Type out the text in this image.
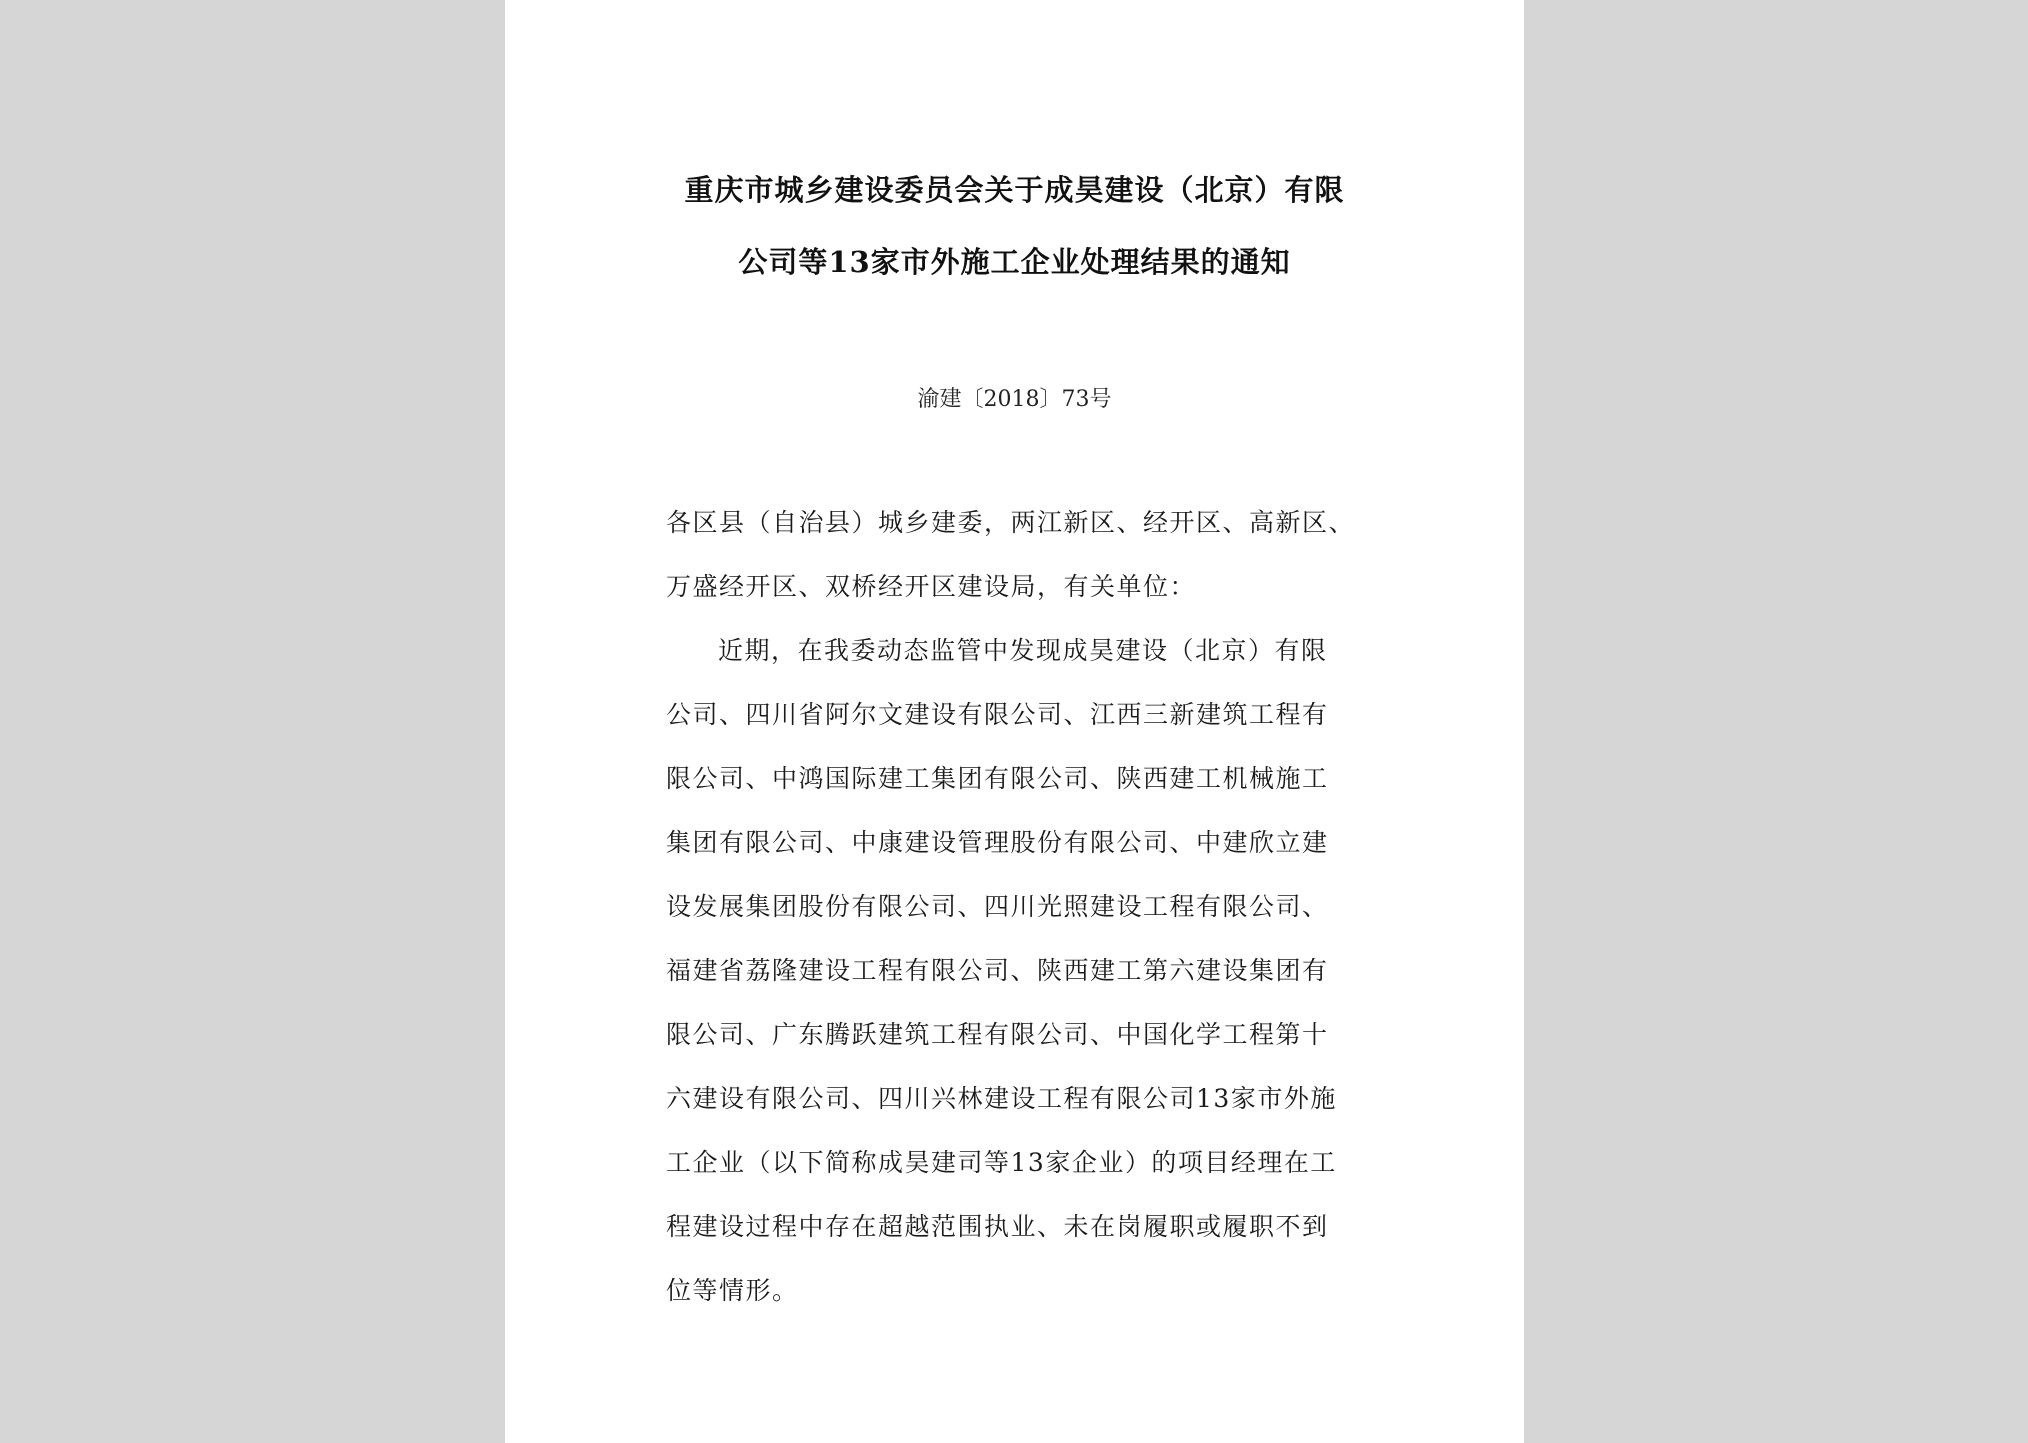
重庆市城乡建设委员会关于成昊建设（北京）有限
公司等13家市外施工企业处理结果的通知
渝建〔2018〕73号
各区县（自治县）城乡建委，两江新区、经开区、高新区、
万盛经开区、双桥经开区建设局，有关单位：
近期，在我委动态监管中发现成昊建设（北京）有限
公司、四川省阿尔文建设有限公司、江西三新建筑工程有
限公司、中鸿国际建工集团有限公司、陕西建工机械施工
集团有限公司、中康建设管理股份有限公司、中建欣立建
设发展集团股份有限公司、四川光照建设工程有限公司、
福建省荔隆建设工程有限公司、陕西建工第六建设集团有
限公司、广东腾跃建筑工程有限公司、中国化学工程第十
六建设有限公司、四川兴林建设工程有限公司13家市外施
工企业（以下简称成昊建司等13家企业）的项目经理在工
程建设过程中存在超越范围执业、未在岗履职或履职不到
位等情形。
